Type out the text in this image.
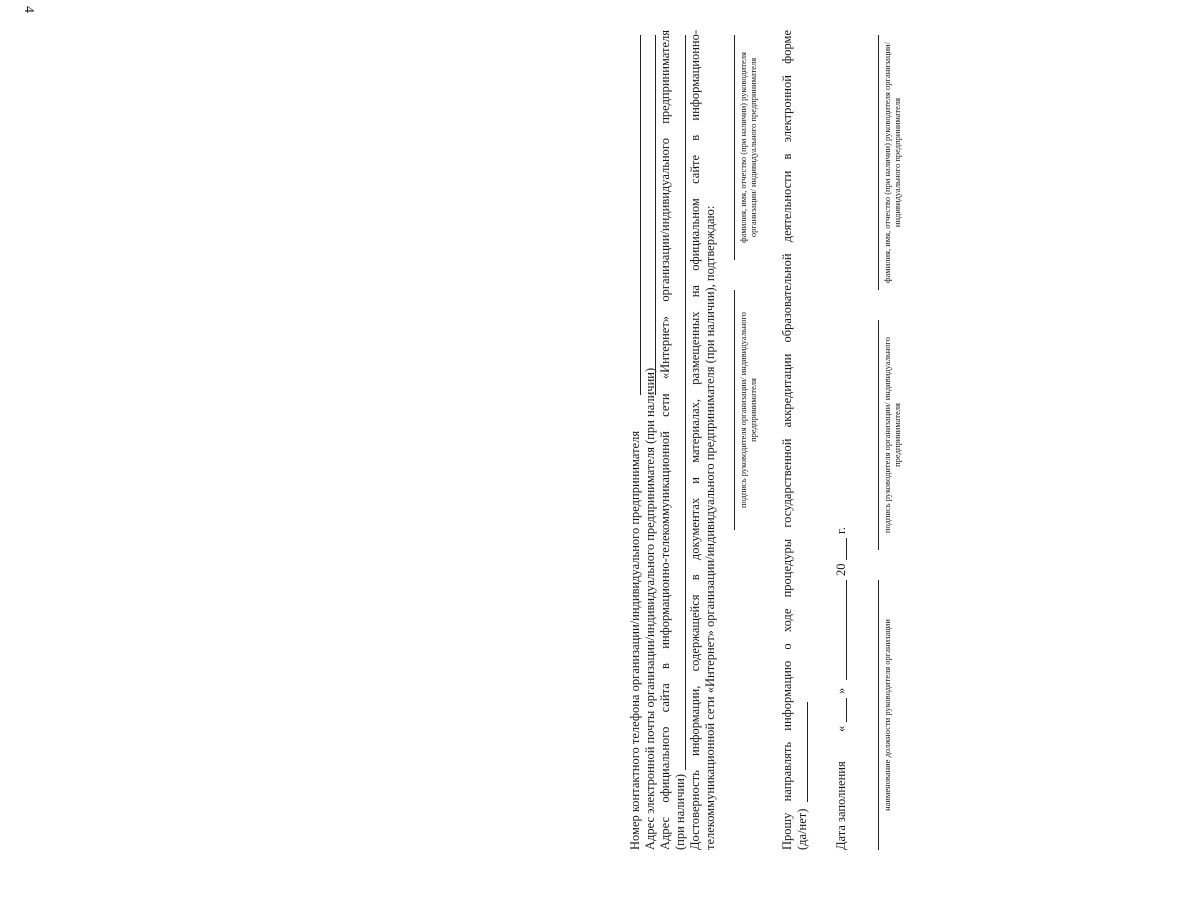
4
Номер контактного телефона организации/индивидуального предпринимателя Адрес электронной почты организации/индивидуального предпринимателя (при наличии) Адрес официального сайта в информационно-телекоммуникационной сети «Интернет» организации/индивидуального предпринимателя (при наличии) Достоверность информации, содержащейся в документах и материалах, размещенных на официальном сайте в информационно- телекоммуникационной сети «Интернет» организации/индивидуального предпринимателя (при наличии), подтверждаю: подпись руководителя организации/ индивидуального предпринимателя
фамилия, имя, отчество (при наличии) руководителя организации/ индивидуального предпринимателя Прошу направлять информацию о ходе процедуры государственной аккредитации образовательной деятельности в электронной форме (да/нет) Дата заполнения
«
»
20
г.
наименование должности руководителя организации
подпись руководителя организации/ индивидуального предпринимателя
фамилия, имя, отчество (при наличии) руководителя организации/индивидуального предпринимателя
